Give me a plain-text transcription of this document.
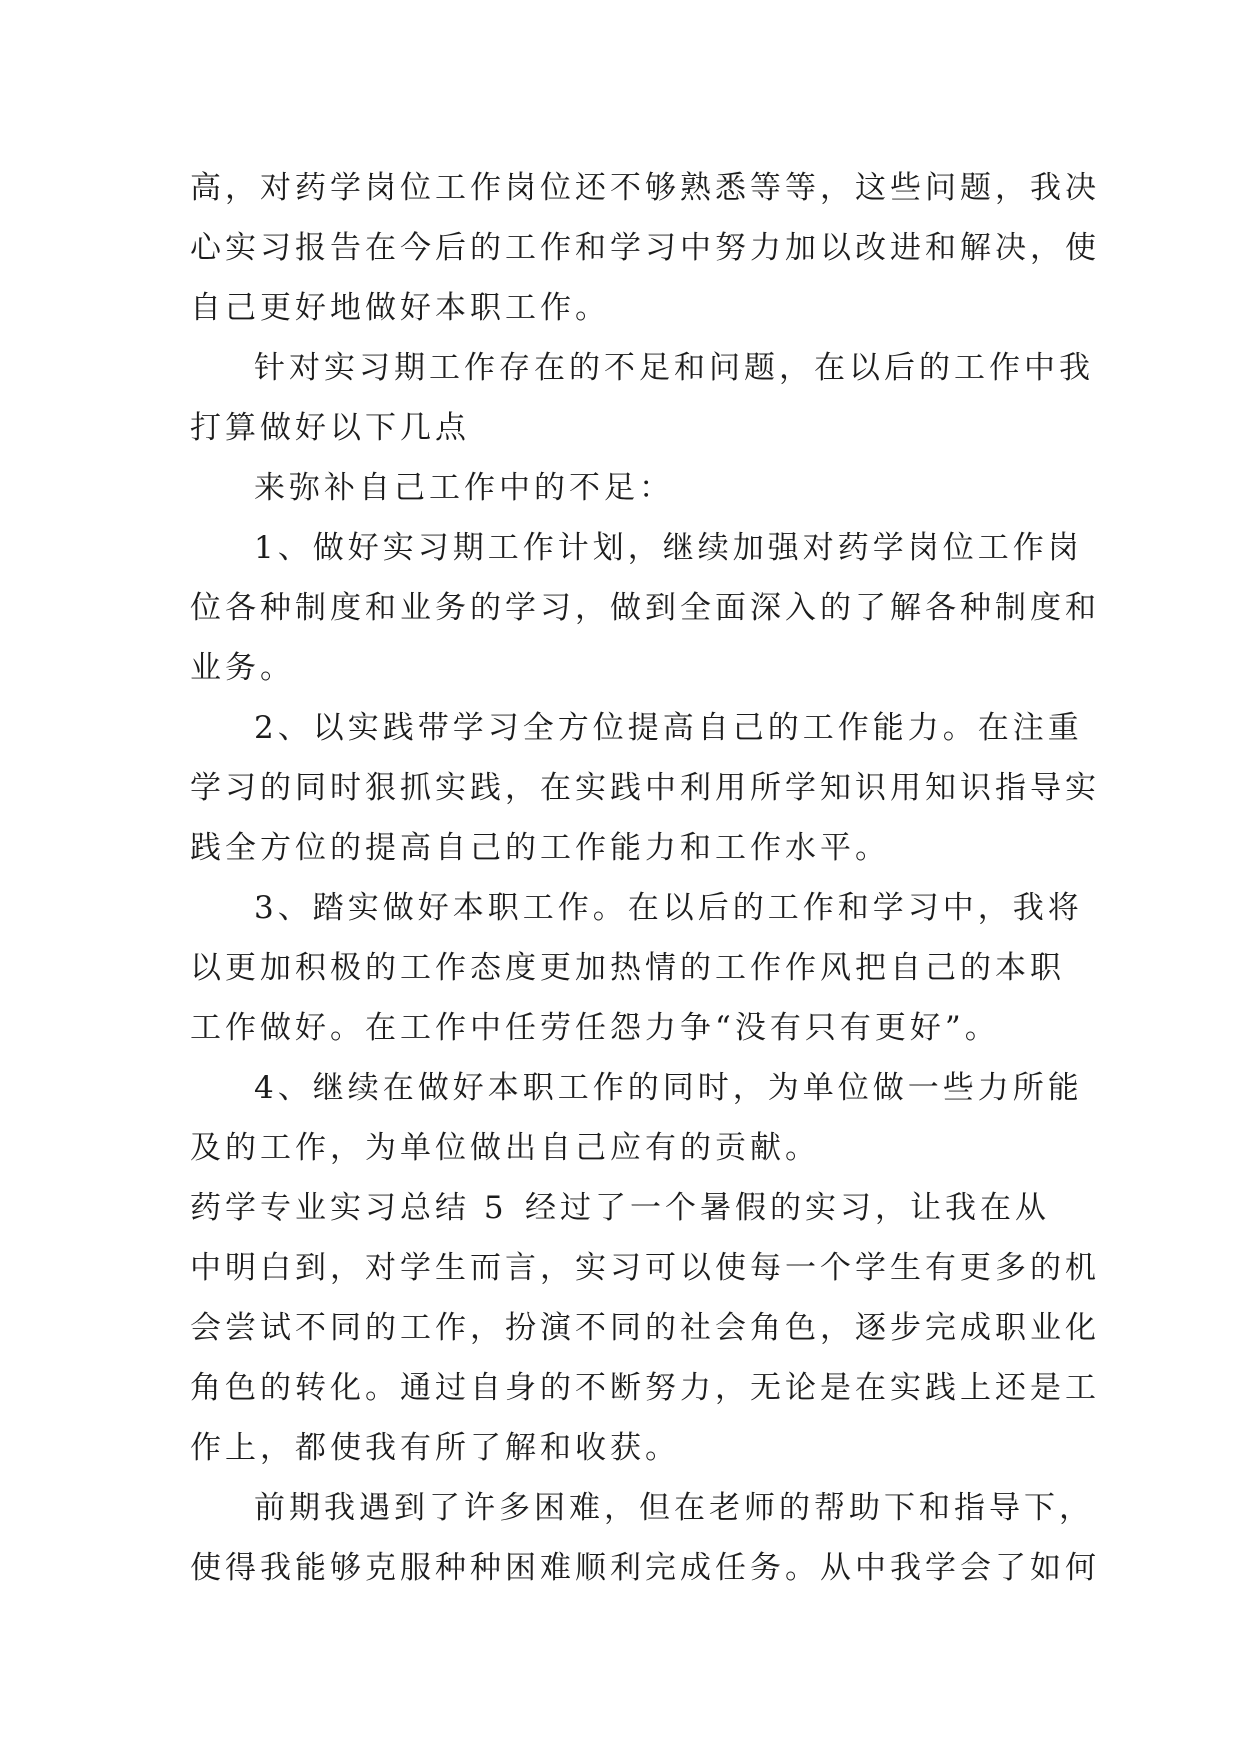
高，对药学岗位工作岗位还不够熟悉等等，这些问题，我决
心实习报告在今后的工作和学习中努力加以改进和解决，使
自己更好地做好本职工作。
针对实习期工作存在的不足和问题，在以后的工作中我
打算做好以下几点
来弥补自己工作中的不足：
1、做好实习期工作计划，继续加强对药学岗位工作岗
位各种制度和业务的学习，做到全面深入的了解各种制度和
业务。
2、以实践带学习全方位提高自己的工作能力。在注重
学习的同时狠抓实践，在实践中利用所学知识用知识指导实
践全方位的提高自己的工作能力和工作水平。
3、踏实做好本职工作。在以后的工作和学习中，我将
以更加积极的工作态度更加热情的工作作风把自己的本职
工作做好。在工作中任劳任怨力争“没有只有更好”。
4、继续在做好本职工作的同时，为单位做一些力所能
及的工作，为单位做出自己应有的贡献。
药学专业实习总结 5 经过了一个暑假的实习，让我在从
中明白到，对学生而言，实习可以使每一个学生有更多的机
会尝试不同的工作，扮演不同的社会角色，逐步完成职业化
角色的转化。通过自身的不断努力，无论是在实践上还是工
作上，都使我有所了解和收获。
前期我遇到了许多困难，但在老师的帮助下和指导下，
使得我能够克服种种困难顺利完成任务。从中我学会了如何
